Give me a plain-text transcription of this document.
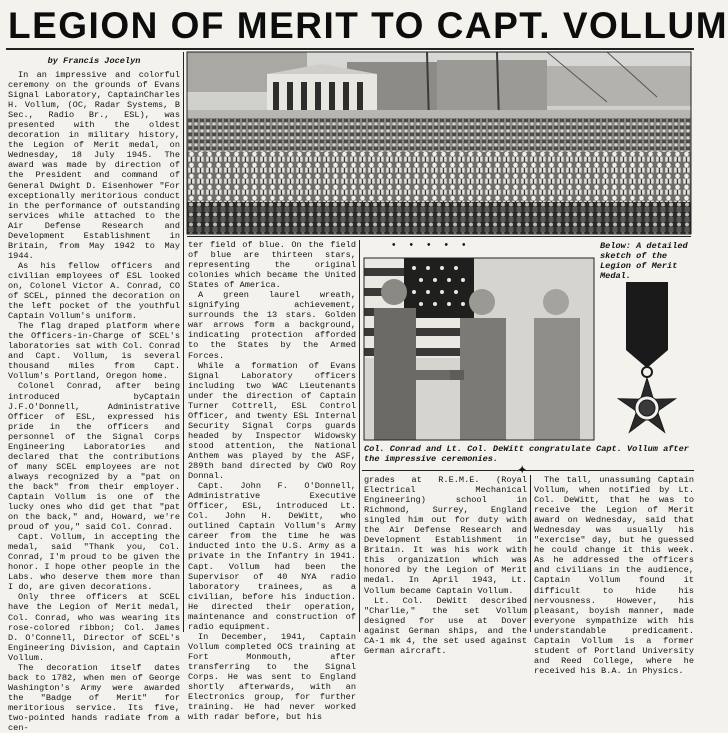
LEGION OF MERIT TO CAPT. VOLLUM
by Francis Jocelyn

In an impressive and colorful ceremony on the grounds of Evans Signal Laboratory, CaptainCharles H. Vollum, (OC, Radar Systems, B Sec., Radio Br., ESL), was presented with the oldest decoration in military history, the Legion of Merit medal, on Wednesday, 18 July 1945. The award was made by direction of the President and command of General Dwight D. Eisenhower "For exceptionally meritorious conduct in the performance of outstanding services while attached to the Air Defense Research and Development Establishment in Britain, from May 1942 to May 1944.

As his fellow officers and civilian employees of ESL looked on, Colonel Victor A. Conrad, CO of SCEL, pinned the decoration on the left pocket of the youthful Captain Vollum's uniform.

The flag draped platform where the Officers-in-Charge of SCEL's laboratories sat with Col. Conrad and Capt. Vollum, is several thousand miles from Capt. Vollum's Portland, Oregon home.

Colonel Conrad, after being introduced byCaptain J.F.O'Donnell, Administrative Officer of ESL, expressed his pride in the officers and personnel of the Signal Corps Engineering Laboratories and declared that the contributions of many SCEL employees are not always recognized by a "pat on the back" from their employer. Captain Vollum is one of the lucky ones who did get that "pat on the back," and, Howard, we're proud of you," said Col. Conrad.

Capt. Vollum, in accepting the medal, said "Thank you, Col. Conrad, I'm proud to be given the honor. I hope other people in the Labs. who deserve them more than I do, are given decorations.

Only three officers at SCEL have the Legion of Merit medal, Col. Conrad, who was wearing its rose-colored ribbon; Col. James D. O'Connell, Director of SCEL's Engineering Division, and Captain Vollum.

The decoration itself dates back to 1782, when men of George Washington's Army were awarded the "Badge of Merit" for meritorious service. Its five, two-pointed hands radiate from a cen-

ter field of blue. On the field of blue are thirteen stars, representing the original colonies which became the United States of America.

A green laurel wreath, signifying achievement, surrounds the 13 stars. Golden war arrows form a background, indicating protection afforded to the States by the Armed Forces.

While a formation of Evans Signal Laboratory officers including two WAC Lieutenants under the direction of Captain Turner Cottrell, ESL Control Officer, and twenty ESL Internal Security Signal Corps guards headed by Inspector Widowsky stood attention, the National Anthem was played by the ASF, 289th band directed by CWO Roy Donnal.

Capt. John F. O'Donnell, Administrative Executive Officer, ESL, introduced Lt. Col. John H. DeWitt, who outlined Captain Vollum's Army career from the time he was inducted into the U.S. Army as a private in the Infantry in 1941. Capt. Vollum had been the Supervisor of 40 NYA radio laboratory trainees, as a civilian, before his induction. He directed their operation, maintenance and construction of radio equipment.

In December, 1941, Captain Vollum completed OCS training at Fort Monmouth, after transferring to the Signal Corps. He was sent to England shortly afterwards, with an Electronics group, for further training. He had never worked with radar before, but his

•••••	Below: A detailed sketch of the Legion of Merit Medal.
Col. Conrad and Lt. Col. DeWitt congratulate Capt. Vollum after the impressive ceremonies.
✦

grades at R.E.M.E. (Royal Electrical Mechanical Engineering) school in Richmond, Surrey, England singled him out for duty with the Air Defense Research and Development Establishment in Britain. It was his work with this organization which was honored by the Legion of Merit medal. In April 1943, Lt. Vollum became Captain Vollum.

Lt. Col. DeWitt described "Charlie," the set Vollum designed for use at Dover against German ships, and the CA-1 mk 4, the set used against German aircraft.

The tall, unassuming Captain Vollum, when notified by Lt. Col. DeWitt, that he was to receive the Legion of Merit award on Wednesday, said that Wednesday was usually his "exercise" day, but he guessed he could change it this week. As he addressed the officers and civilians in the audience, Captain Vollum found it difficult to hide his nervousness. However, his pleasant, boyish manner, made everyone sympathize with his understandable predicament. Captain Vollum is a former student of Portland University and Reed College, where he received his B.A. in Physics.
